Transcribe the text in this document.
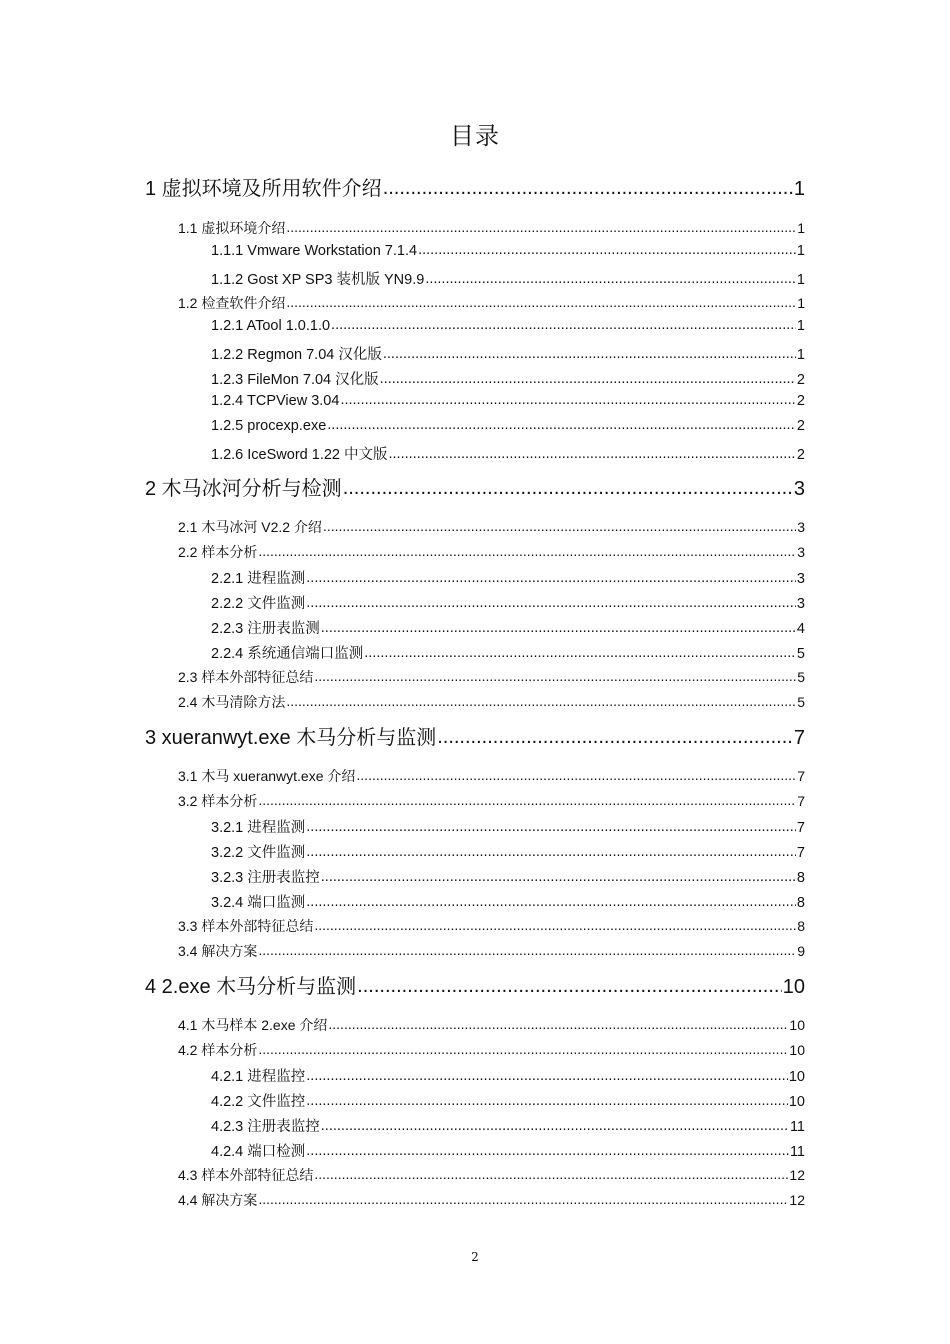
目录
1 虚拟环境及所用软件介绍 .....	1
1.1 虚拟环境介绍 .....	1
1.1.1 Vmware Workstation 7.1.4 .....	1
1.1.2 Gost XP SP3 装机版 YN9.9 .....	1
1.2 检查软件介绍 .....	1
1.2.1 ATool 1.0.1.0 .....	1
1.2.2 Regmon 7.04 汉化版 .....	1
1.2.3 FileMon 7.04 汉化版 .....	2
1.2.4 TCPView 3.04 .....	2
1.2.5 procexp.exe .....	2
1.2.6 IceSword 1.22 中文版 .....	2
2 木马冰河分析与检测 .....	3
2.1 木马冰河 V2.2 介绍 .....	3
2.2 样本分析 .....	3
2.2.1 进程监测 .....	3
2.2.2 文件监测 .....	3
2.2.3 注册表监测 .....	4
2.2.4 系统通信端口监测 .....	5
2.3 样本外部特征总结 .....	5
2.4 木马清除方法 .....	5
3 xueranwyt.exe 木马分析与监测 .....	7
3.1 木马 xueranwyt.exe 介绍 .....	7
3.2 样本分析 .....	7
3.2.1 进程监测 .....	7
3.2.2 文件监测 .....	7
3.2.3 注册表监控 .....	8
3.2.4 端口监测 .....	8
3.3 样本外部特征总结 .....	8
3.4 解决方案 .....	9
4 2.exe 木马分析与监测 .....	10
4.1 木马样本 2.exe 介绍 .....	10
4.2 样本分析 .....	10
4.2.1 进程监控 .....	10
4.2.2 文件监控 .....	10
4.2.3 注册表监控 .....	11
4.2.4 端口检测 .....	11
4.3 样本外部特征总结 .....	12
4.4 解决方案 .....	12
2
